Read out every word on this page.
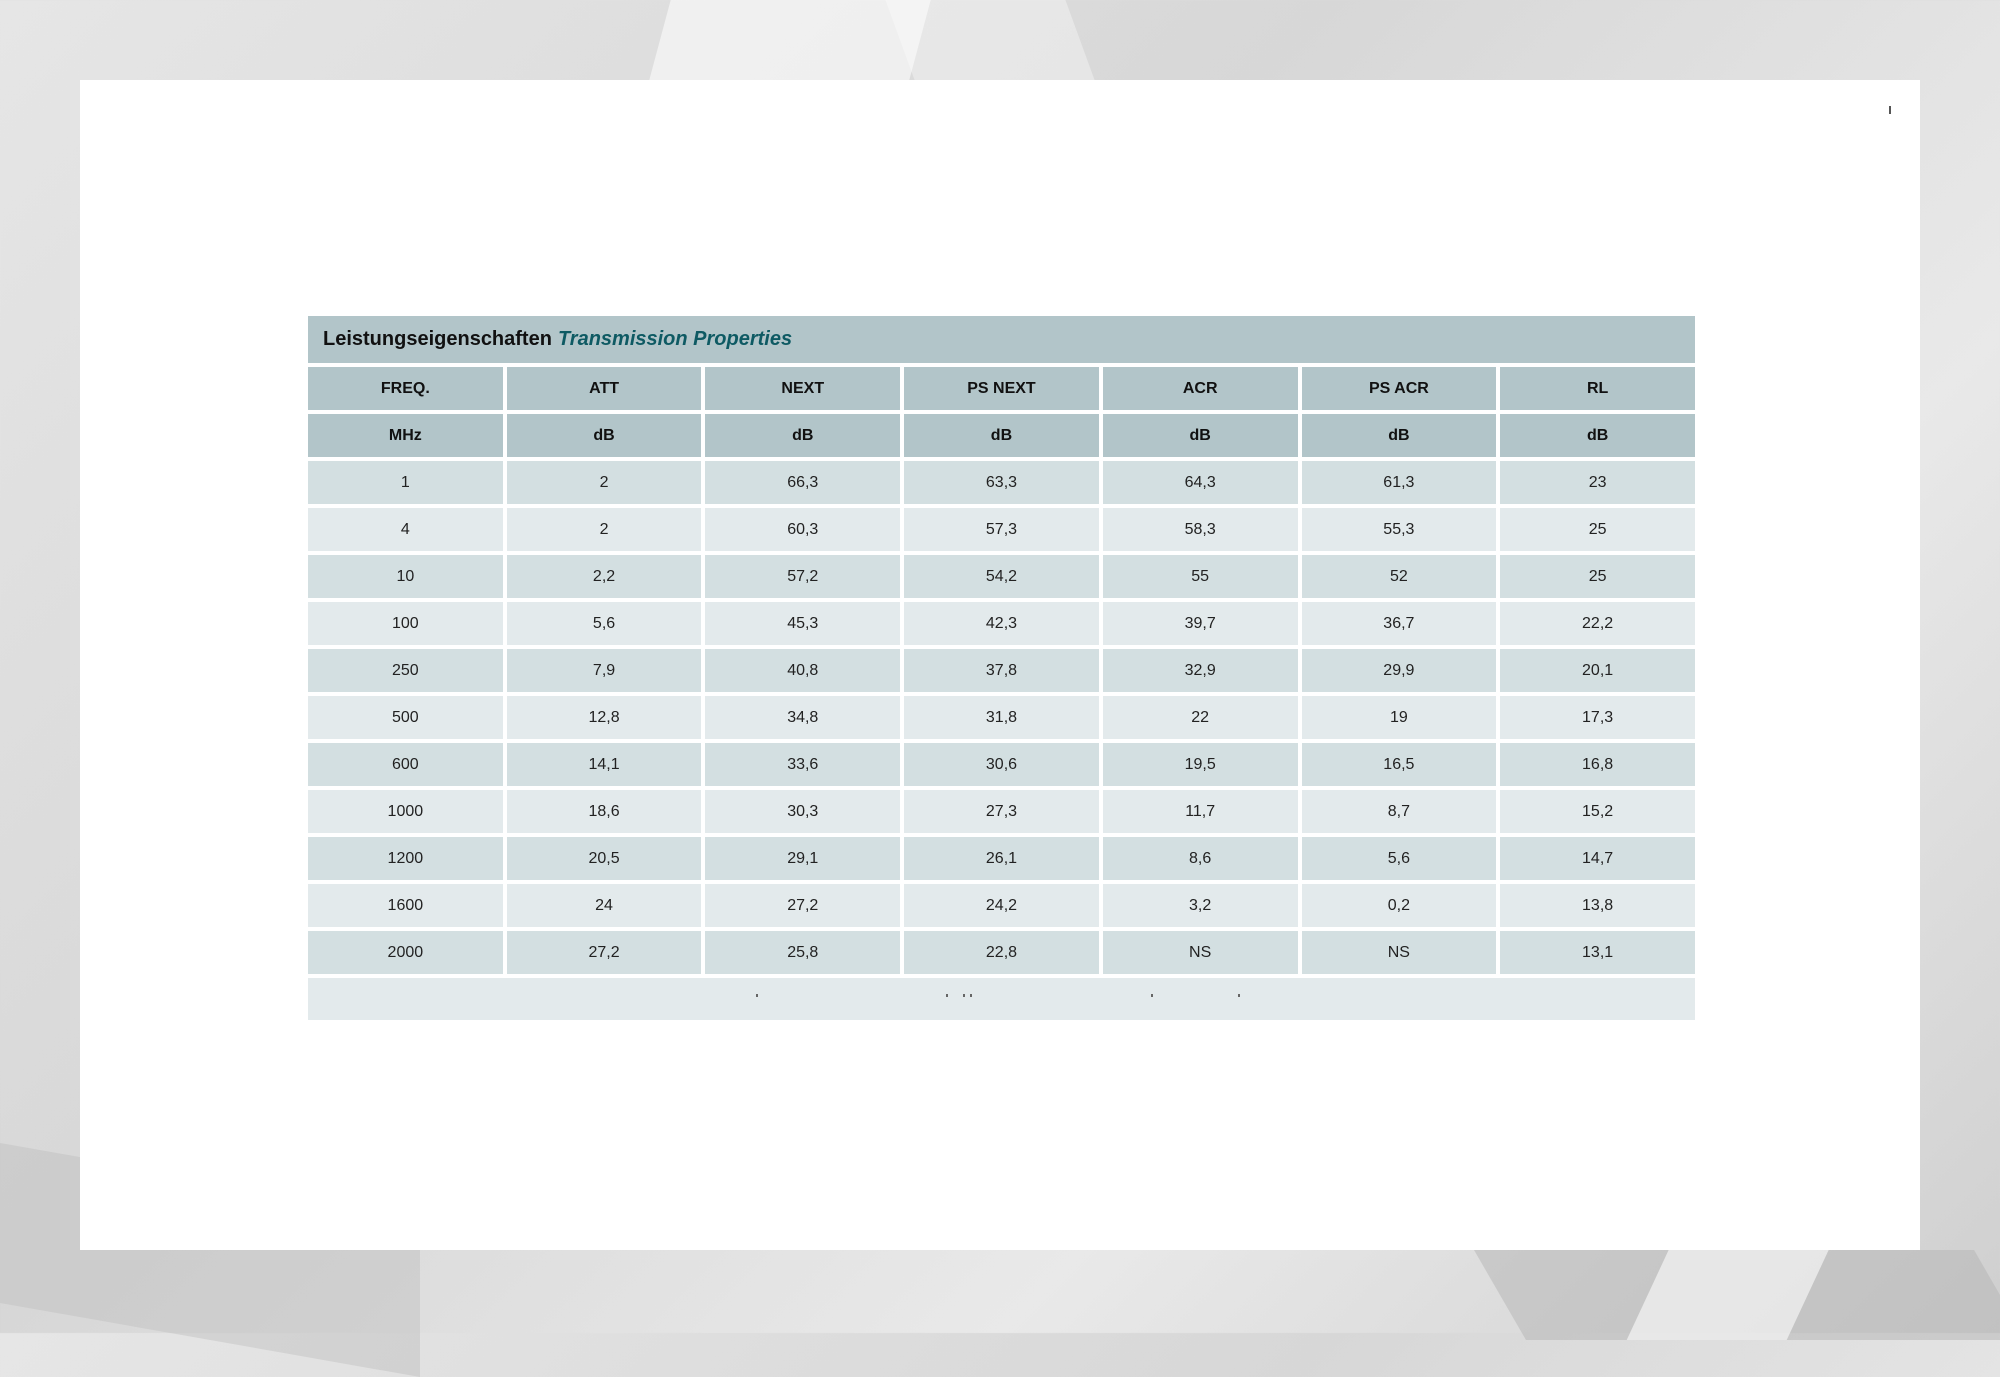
Leistungseigenschaften Transmission Properties
FREQ.	ATT	NEXT	PS NEXT	ACR	PS ACR	RL
MHz	dB	dB	dB	dB	dB	dB
1	2	66,3	63,3	64,3	61,3	23
4	2	60,3	57,3	58,3	55,3	25
10	2,2	57,2	54,2	55	52	25
100	5,6	45,3	42,3	39,7	36,7	22,2
250	7,9	40,8	37,8	32,9	29,9	20,1
500	12,8	34,8	31,8	22	19	17,3
600	14,1	33,6	30,6	19,5	16,5	16,8
1000	18,6	30,3	27,3	11,7	8,7	15,2
1200	20,5	29,1	26,1	8,6	5,6	14,7
1600	24	27,2	24,2	3,2	0,2	13,8
2000	27,2	25,8	22,8	NS	NS	13,1
